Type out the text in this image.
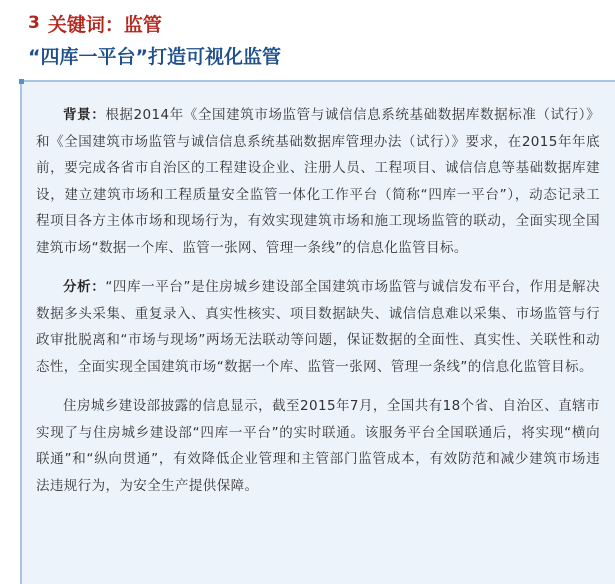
3 关键词：监管
“四库一平台”打造可视化监管

背景：根据2014年《全国建筑市场监管与诚信信息系统基础数据库数据标准（试行）》和《全国建筑市场监管与诚信信息系统基础数据库管理办法（试行）》要求，在2015年年底前，要完成各省市自治区的工程建设企业、注册人员、工程项目、诚信信息等基础数据库建设，建立建筑市场和工程质量安全监管一体化工作平台（简称“四库一平台”），动态记录工程项目各方主体市场和现场行为，有效实现建筑市场和施工现场监管的联动，全面实现全国建筑市场“数据一个库、监管一张网、管理一条线”的信息化监管目标。

分析：“四库一平台”是住房城乡建设部全国建筑市场监管与诚信发布平台，作用是解决数据多头采集、重复录入、真实性核实、项目数据缺失、诚信信息难以采集、市场监管与行政审批脱离和“市场与现场”两场无法联动等问题，保证数据的全面性、真实性、关联性和动态性，全面实现全国建筑市场“数据一个库、监管一张网、管理一条线”的信息化监管目标。

住房城乡建设部披露的信息显示，截至2015年7月，全国共有18个省、自治区、直辖市实现了与住房城乡建设部“四库一平台”的实时联通。该服务平台全国联通后，将实现“横向联通”和“纵向贯通”，有效降低企业管理和主管部门监管成本，有效防范和减少建筑市场违法违规行为，为安全生产提供保障。
